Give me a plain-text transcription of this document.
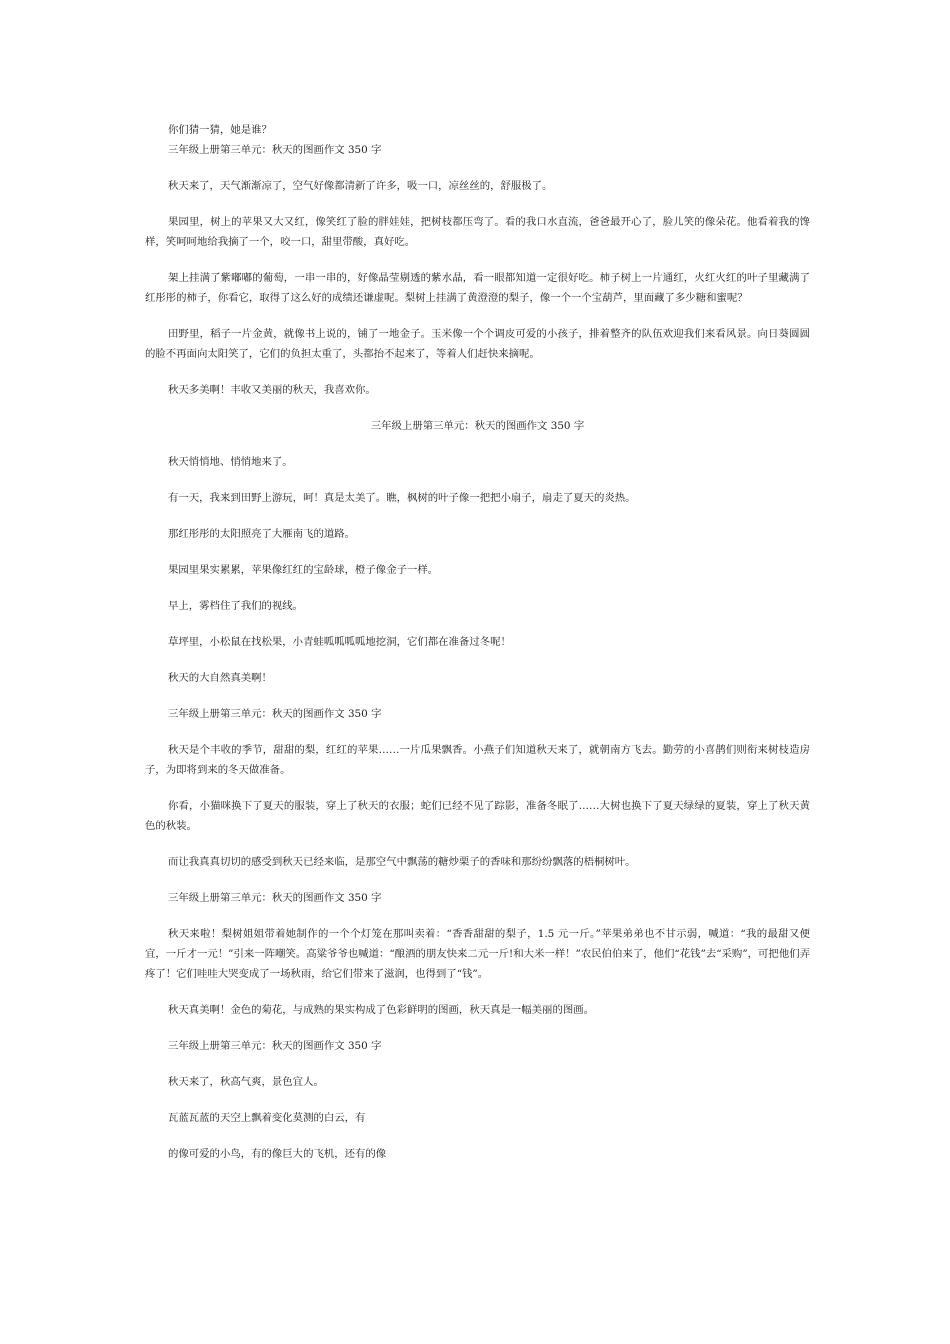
你们猜一猜，她是谁？

三年级上册第三单元：秋天的图画作文 350 字

秋天来了，天气渐渐凉了，空气好像都清新了许多，吸一口，凉丝丝的，舒服极了。

果园里，树上的苹果又大又红，像笑红了脸的胖娃娃，把树枝都压弯了。看的我口水直流，爸爸最开心了，脸儿笑的像朵花。他看着我的馋样，笑呵呵地给我摘了一个，咬一口，甜里带酸，真好吃。

架上挂满了紫嘟嘟的葡萄，一串一串的，好像晶莹剔透的紫水晶，看一眼都知道一定很好吃。柿子树上一片通红，火红火红的叶子里藏满了红彤彤的柿子，你看它，取得了这么好的成绩还谦虚呢。梨树上挂满了黄澄澄的梨子，像一个一个宝葫芦，里面藏了多少糖和蜜呢？

田野里，稻子一片金黄，就像书上说的，铺了一地金子。玉米像一个个调皮可爱的小孩子，排着整齐的队伍欢迎我们来看风景。向日葵圆圆的脸不再面向太阳笑了，它们的负担太重了，头都抬不起来了，等着人们赶快来摘呢。

秋天多美啊！丰收又美丽的秋天，我喜欢你。

三年级上册第三单元：秋天的图画作文 350 字

秋天悄悄地、悄悄地来了。

有一天，我来到田野上游玩，呵！真是太美了。瞧，枫树的叶子像一把把小扇子，扇走了夏天的炎热。

那红彤彤的太阳照亮了大雁南飞的道路。

果园里果实累累，苹果像红红的宝龄球，橙子像金子一样。

早上，雾档住了我们的视线。

草坪里，小松鼠在找松果，小青蛙呱呱呱呱地挖洞，它们都在准备过冬呢！

秋天的大自然真美啊！

三年级上册第三单元：秋天的图画作文 350 字

秋天是个丰收的季节，甜甜的梨，红红的苹果……一片瓜果飘香。小燕子们知道秋天来了，就朝南方飞去。勤劳的小喜鹊们则衔来树枝造房子，为即将到来的冬天做准备。

你看，小猫咪换下了夏天的服装，穿上了秋天的衣服；蛇们已经不见了踪影，准备冬眠了……大树也换下了夏天绿绿的夏装，穿上了秋天黄色的秋装。

而让我真真切切的感受到秋天已经来临，是那空气中飘荡的糖炒栗子的香味和那纷纷飘落的梧桐树叶。

三年级上册第三单元：秋天的图画作文 350 字

秋天来啦！梨树姐姐带着她制作的一个个灯笼在那叫卖着：“香香甜甜的梨子，1.5 元一斤。”苹果弟弟也不甘示弱，喊道：“我的最甜又便宜，一斤才一元！”引来一阵嘲笑。高粱爷爷也喊道：“酿酒的朋友快来二元一斤!和大米一样！”农民伯伯来了，他们“花钱”去“采购”，可把他们弄疼了！它们哇哇大哭变成了一场秋雨，给它们带来了滋润，也得到了“钱”。

秋天真美啊！金色的菊花，与成熟的果实构成了色彩鲜明的图画，秋天真是一幅美丽的图画。

三年级上册第三单元：秋天的图画作文 350 字

秋天来了，秋高气爽，景色宜人。

瓦蓝瓦蓝的天空上飘着变化莫测的白云，有

的像可爱的小鸟，有的像巨大的飞机，还有的像
